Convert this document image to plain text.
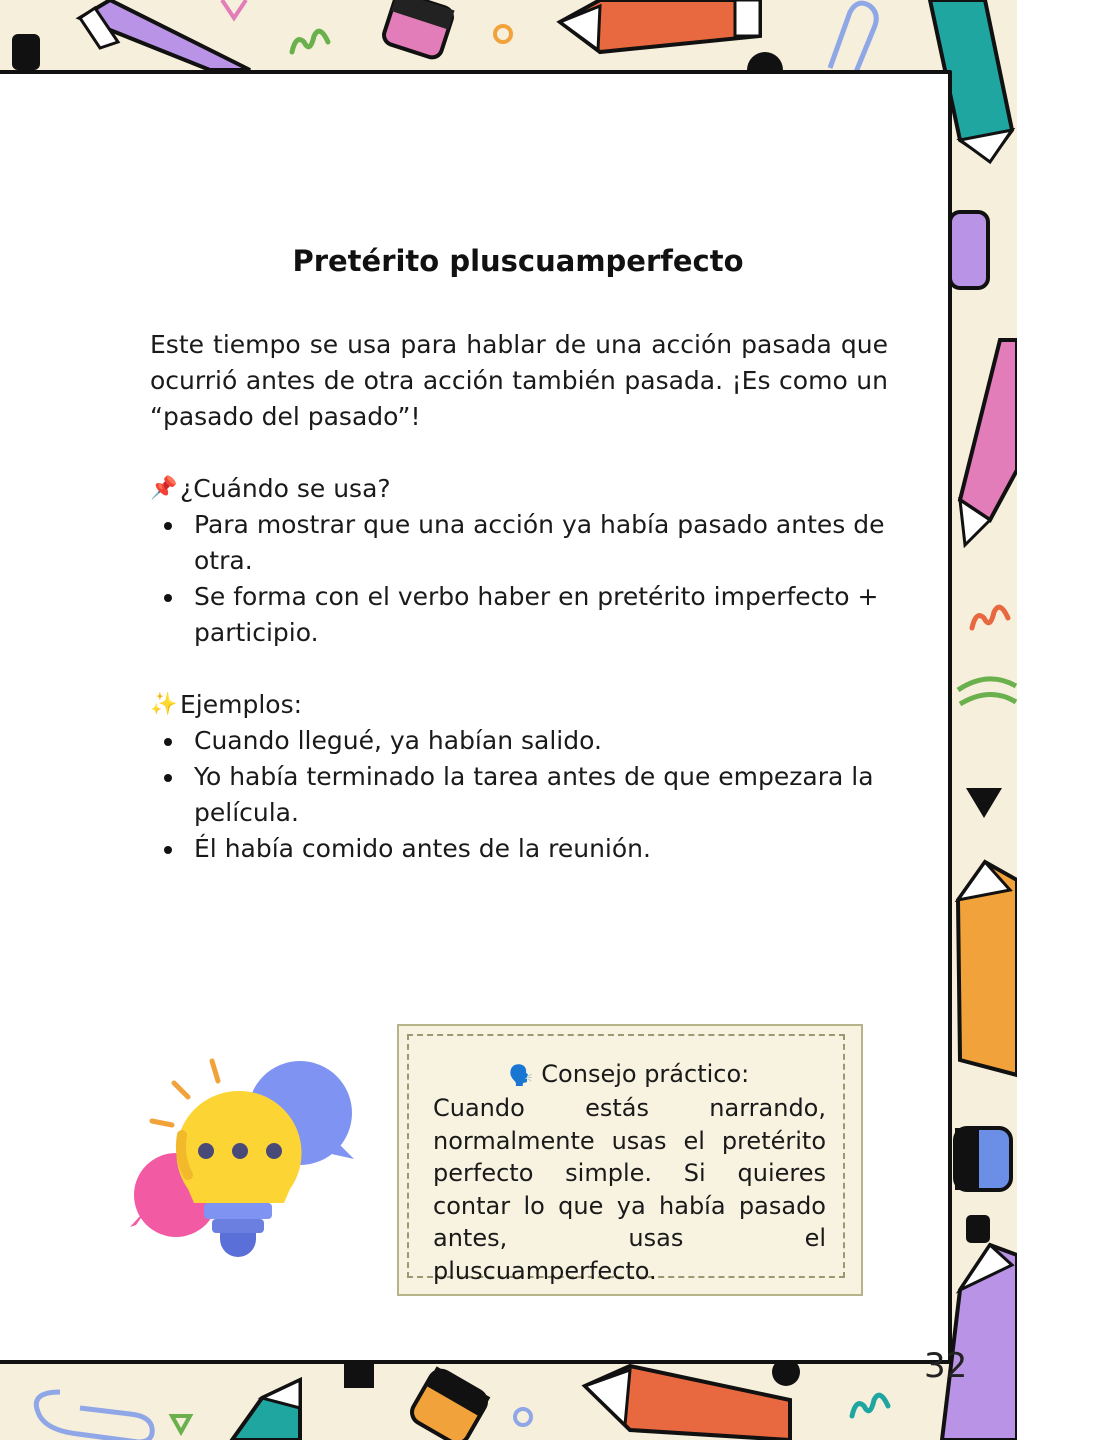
Pretérito pluscuamperfecto

Este tiempo se usa para hablar de una acción pasada que ocurrió antes de otra acción también pasada. ¡Es como un “pasado del pasado”!

📌 ¿Cuándo se usa?
Para mostrar que una acción ya había pasado antes de otra.
Se forma con el verbo haber en pretérito imperfecto + participio.
✨ Ejemplos:
Cuando llegué, ya habían salido.
Yo había terminado la tarea antes de que empezara la película.
Él había comido antes de la reunión.
🗣️ Consejo práctico:
Cuando estás narrando, normalmente usas el pretérito perfecto simple. Si quieres contar lo que ya había pasado antes, usas el pluscuamperfecto.
32
